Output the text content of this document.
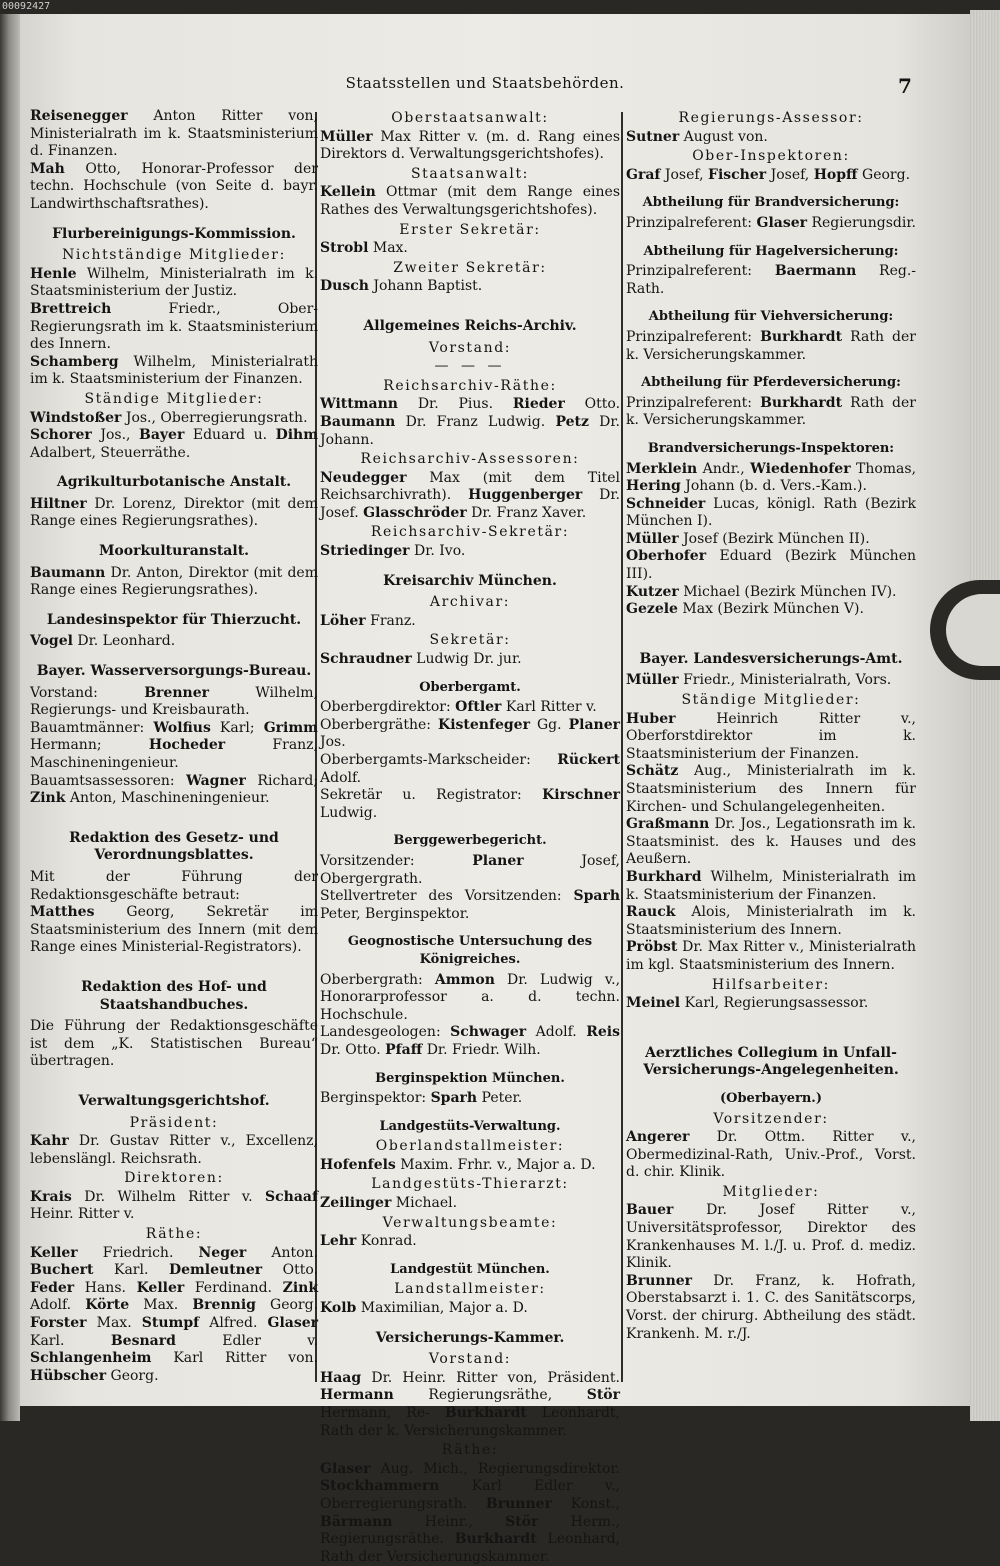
00092427
Staatsstellen und Staatsbehörden.	7
Reisenegger Anton Ritter von, Ministerialrath im k. Staatsministerium d. Finanzen.
Mah Otto, Honorar-Professor der techn. Hochschule (von Seite d. bayr. Landwirthschaftsrathes).
Flurbereinigungs-Kommission.
Nichtständige Mitglieder:
Henle Wilhelm, Ministerialrath im k. Staatsministerium der Justiz.
Brettreich	Friedr., Ober-Regierungsrath im k. Staatsministerium des Innern.
Schamberg Wilhelm, Ministerialrath im k. Staatsministerium der Finanzen.
Ständige Mitglieder:
Windstoßer Jos., Oberregierungsrath.
Schorer Jos., Bayer Eduard u. Dihm Adalbert, Steuerräthe.
Agrikulturbotanische Anstalt.
Hiltner Dr. Lorenz, Direktor (mit dem Range eines Regierungsrathes).
Moorkulturanstalt.
Baumann Dr. Anton, Direktor (mit dem Range eines Regierungsrathes).
Landesinspektor für Thierzucht.
Vogel Dr. Leonhard.
Bayer. Wasserversorgungs-Bureau.
Vorstand:	Brenner	Wilhelm, Regierungs- und Kreisbaurath.
Bauamtmänner: Wolfius Karl; Grimm Hermann;	Hocheder	Franz, Maschineningenieur.
Bauamtsassessoren: Wagner Richard; Zink Anton, Maschineningenieur.
Redaktion des Gesetz- und Verordnungsblattes.
Mit der Führung der Redaktionsgeschäfte betraut:
Matthes Georg, Sekretär im Staatsministerium des Innern (mit dem Range eines Ministerial-Registrators).
Redaktion des Hof- und Staatshandbuches.
Die Führung der Redaktionsgeschäfte ist dem „K. Statistischen Bureau“ übertragen.
Verwaltungsgerichtshof.
Präsident:
Kahr Dr. Gustav Ritter v., Excellenz, lebenslängl. Reichsrath.
Direktoren:
Krais Dr. Wilhelm Ritter v. Schaaf Heinr. Ritter v.
Räthe:
Keller Friedrich. Neger Anton. Buchert Karl. Demleutner Otto. Feder Hans. Keller Ferdinand. Zink Adolf. Körte Max. Brennig Georg. Forster Max. Stumpf Alfred. Glaser Karl.	Besnard	Edler v. Schlangenheim Karl Ritter von. Hübscher Georg.
Oberstaatsanwalt:
Müller Max Ritter v. (m. d. Rang eines Direktors d. Verwaltungsgerichtshofes).
Staatsanwalt:
Kellein Ottmar (mit dem Range eines Rathes des Verwaltungsgerichtshofes).
Erster Sekretär:
Strobl Max.
Zweiter Sekretär:
Dusch Johann Baptist.
Allgemeines Reichs-Archiv.
Vorstand:
— — —
Reichsarchiv-Räthe:
Wittmann Dr. Pius. Rieder Otto. Baumann Dr. Franz Ludwig. Petz Dr. Johann.
Reichsarchiv-Assessoren:
Neudegger Max (mit dem Titel Reichsarchivrath). Huggenberger Dr. Josef. Glasschröder Dr. Franz Xaver.
Reichsarchiv-Sekretär:
Striedinger Dr. Ivo.
Kreisarchiv München.
Archivar:
Löher Franz.
Sekretär:
Schraudner Ludwig Dr. jur.
Oberbergamt.
Oberbergdirektor: Oftler Karl Ritter v.
Oberbergräthe: Kistenfeger Gg. Planer Jos.
Oberbergamts-Markscheider: Rückert Adolf.
Sekretär u. Registrator: Kirschner Ludwig.
Berggewerbegericht.
Vorsitzender:	Planer	Josef, Obergergrath.
Stellvertreter des Vorsitzenden: Sparh Peter, Berginspektor.
Geognostische Untersuchung des Königreiches.
Oberbergrath: Ammon Dr. Ludwig v., Honorarprofessor a. d. techn. Hochschule.
Landesgeologen: Schwager Adolf. Reis Dr. Otto. Pfaff Dr. Friedr. Wilh.
Berginspektion München.
Berginspektor: Sparh Peter.
Landgestüts-Verwaltung.
Oberlandstallmeister:
Hofenfels Maxim. Frhr. v., Major a. D.
Landgestüts-Thierarzt:
Zeilinger Michael.
Verwaltungsbeamte:
Lehr Konrad.
Landgestüt München.
Landstallmeister:
Kolb Maximilian, Major a. D.
Versicherungs-Kammer.
Vorstand:
Haag Dr. Heinr. Ritter von, Präsident. Hermann Regierungsräthe, Stör Hermann, Re- Burkhardt Leonhardt, Rath der k. Versicherungskammer.
Räthe:
Glaser Aug. Mich., Regierungsdirektor. Stockhammern Karl Edler v., Oberregierungsrath. Brunner Konst., Bärmann Heinr., Stör Herm., Regierungsräthe. Burkhardt Leonhard, Rath der Versicherungskammer.
Regierungs-Assessor:
Sutner August von.
Ober-Inspektoren:
Graf Josef, Fischer Josef, Hopff Georg.
Abtheilung für Brandversicherung:
Prinzipalreferent: Glaser Regierungsdir.
Abtheilung für Hagelversicherung:
Prinzipalreferent: Baermann Reg.-Rath.
Abtheilung für Viehversicherung:
Prinzipalreferent: Burkhardt Rath der k. Versicherungskammer.
Abtheilung für Pferdeversicherung:
Prinzipalreferent: Burkhardt Rath der k. Versicherungskammer.
Brandversicherungs-Inspektoren:
Merklein Andr., Wiedenhofer Thomas, Hering Johann (b. d. Vers.-Kam.).
Schneider Lucas, königl. Rath (Bezirk München I).
Müller Josef (Bezirk München II).
Oberhofer Eduard (Bezirk München III).
Kutzer Michael (Bezirk München IV).
Gezele Max (Bezirk München V).
Bayer. Landesversicherungs-Amt.
Müller Friedr., Ministerialrath, Vors.
Ständige Mitglieder:
Huber	Heinrich Ritter v., Oberforstdirektor im k. Staatsministerium der Finanzen.
Schätz Aug., Ministerialrath im k. Staatsministerium des Innern für Kirchen- und Schulangelegenheiten.
Graßmann Dr. Jos., Legationsrath im k. Staatsminist. des k. Hauses und des Aeußern.
Burkhard Wilhelm, Ministerialrath im k. Staatsministerium der Finanzen.
Rauck Alois, Ministerialrath im k. Staatsministerium des Innern.
Pröbst Dr. Max Ritter v., Ministerialrath im kgl. Staatsministerium des Innern.
Hilfsarbeiter:
Meinel Karl, Regierungsassessor.
Aerztliches Collegium in Unfall-Versicherungs-Angelegenheiten.
(Oberbayern.)
Vorsitzender:
Angerer Dr. Ottm. Ritter v., Obermedizinal-Rath, Univ.-Prof., Vorst. d. chir. Klinik.
Mitglieder:
Bauer Dr. Josef Ritter v., Universitätsprofessor, Direktor des Krankenhauses M. l./J. u. Prof. d. mediz. Klinik.
Brunner Dr. Franz, k. Hofrath, Oberstabsarzt i. 1. C. des Sanitätscorps, Vorst. der chirurg. Abtheilung des städt. Krankenh. M. r./J.
